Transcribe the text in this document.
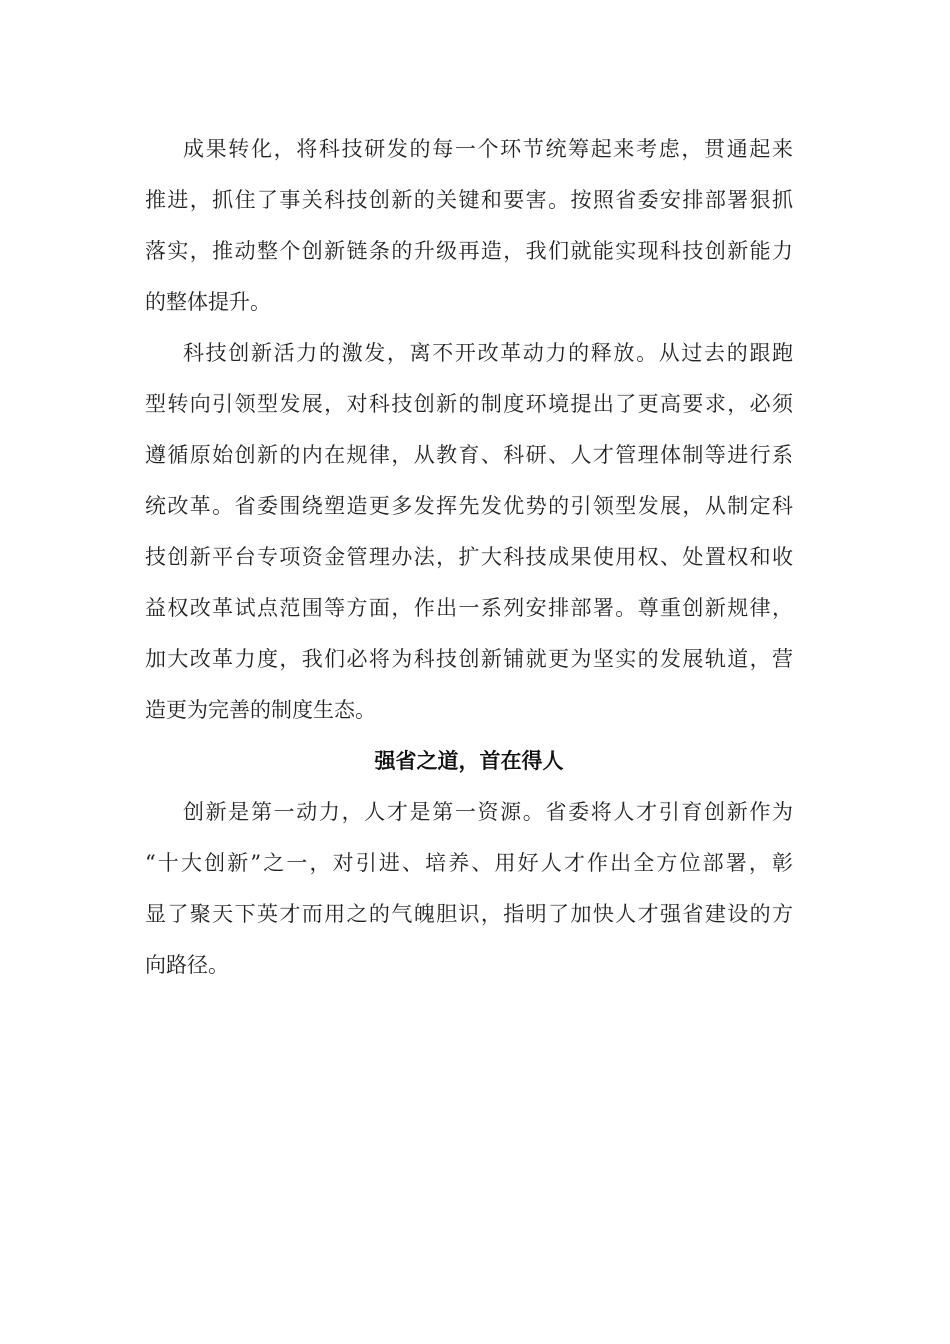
成果转化，将科技研发的每一个环节统筹起来考虑，贯通起来
推进，抓住了事关科技创新的关键和要害。按照省委安排部署狠抓
落实，推动整个创新链条的升级再造，我们就能实现科技创新能力
的整体提升。
科技创新活力的激发，离不开改革动力的释放。从过去的跟跑
型转向引领型发展，对科技创新的制度环境提出了更高要求，必须
遵循原始创新的内在规律，从教育、科研、人才管理体制等进行系
统改革。省委围绕塑造更多发挥先发优势的引领型发展，从制定科
技创新平台专项资金管理办法，扩大科技成果使用权、处置权和收
益权改革试点范围等方面，作出一系列安排部署。尊重创新规律，
加大改革力度，我们必将为科技创新铺就更为坚实的发展轨道，营
造更为完善的制度生态。
强省之道，首在得人
创新是第一动力，人才是第一资源。省委将人才引育创新作为
“十大创新”之一，对引进、培养、用好人才作出全方位部署，彰
显了聚天下英才而用之的气魄胆识，指明了加快人才强省建设的方
向路径。
